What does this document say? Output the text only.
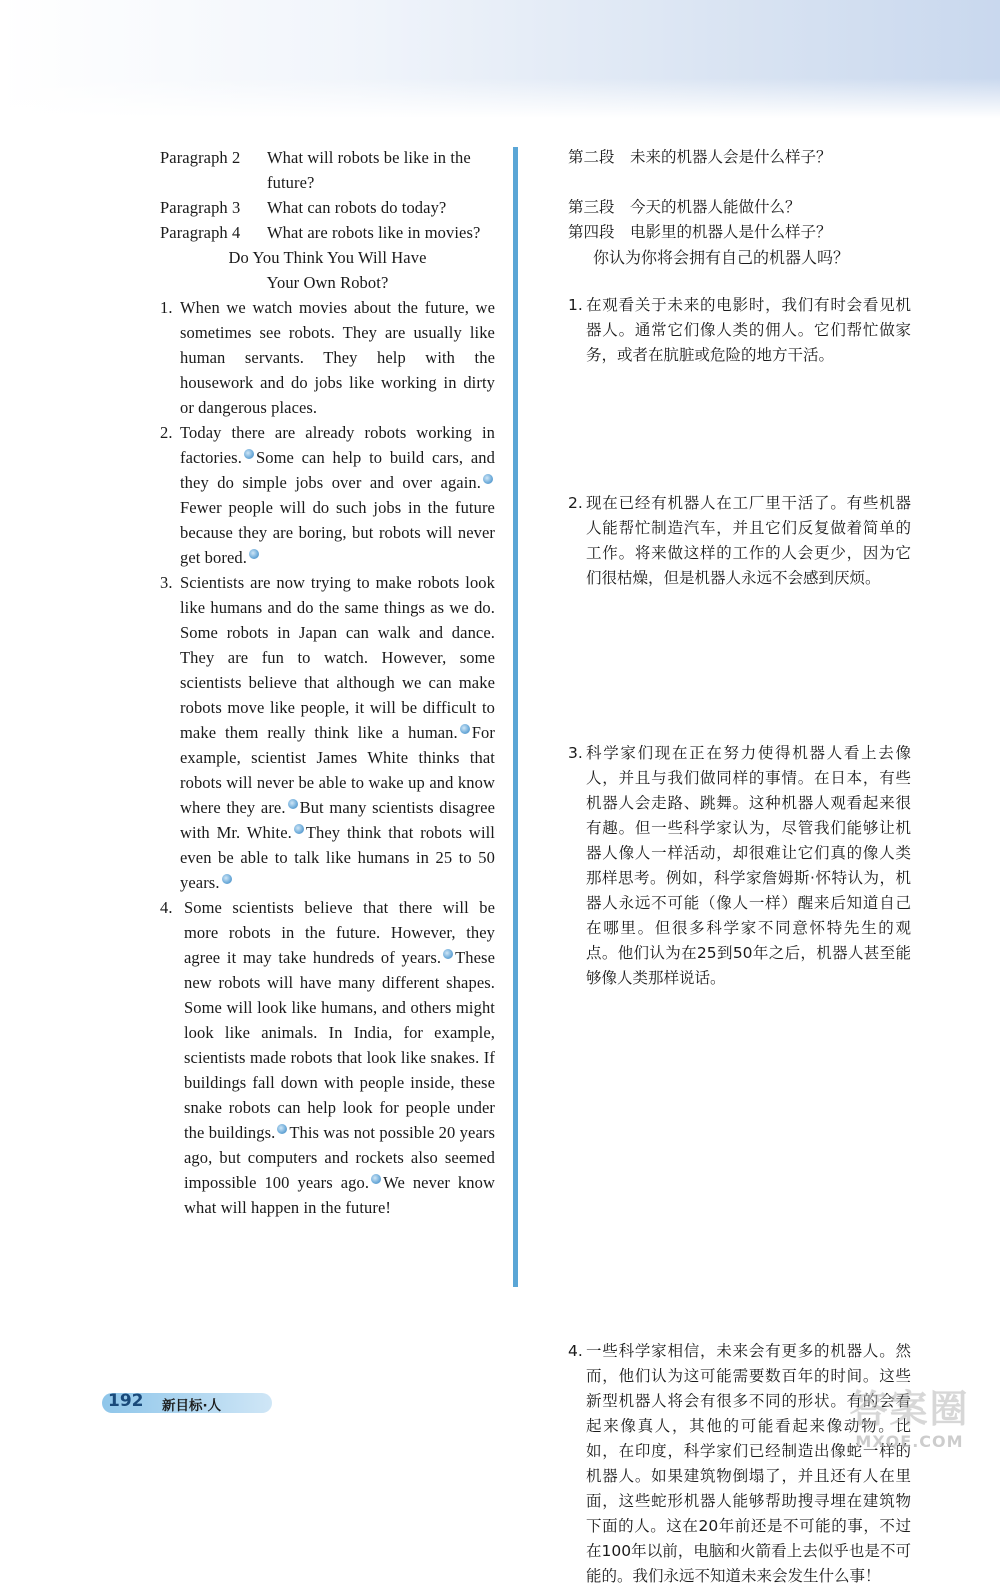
Paragraph 2	What will robots be like in the
future?
Paragraph 3	What can robots do today?
Paragraph 4	What are robots like in movies?
Do You Think You Will Have
Your Own Robot?
1. When we watch movies about the future, we sometimes see robots. They are usually like human servants. They help with the housework and do jobs like working in dirty or dangerous places.
2. Today there are already robots working in factories. Some can help to build cars, and they do simple jobs over and over again.Fewer people will do such jobs in the future because they are boring, but robots will never get bored.
3. Scientists are now trying to make robots look like humans and do the same things as we do. Some robots in Japan can walk and dance. They are fun to watch. However, some scientists believe that although we can make robots move like people, it will be difficult to make them really think like a human. For example, scientist James White thinks that robots will never be able to wake up and know where they are. But many scientists disagree with Mr. White. They think that robots will even be able to talk like humans in 25 to 50 years.
4. Some scientists believe that there will be more robots in the future. However, they agree it may take hundreds of years. These new robots will have many different shapes. Some will look like humans, and others might look like animals. In India, for example, scientists made robots that look like snakes. If buildings fall down with people inside, these snake robots can help look for people under the buildings. This was not possible 20 years ago, but computers and rockets also seemed impossible 100 years ago. We never know what will happen in the future!
第二段　未来的机器人会是什么样子？
第三段　今天的机器人能做什么？
第四段　电影里的机器人是什么样子？
你认为你将会拥有自己的机器人吗？
1. 在观看关于未来的电影时，我们有时会看见机器人。通常它们像人类的佣人。它们帮忙做家务，或者在肮脏或危险的地方干活。
2. 现在已经有机器人在工厂里干活了。有些机器人能帮忙制造汽车，并且它们反复做着简单的工作。将来做这样的工作的人会更少，因为它们很枯燥，但是机器人永远不会感到厌烦。
3. 科学家们现在正在努力使得机器人看上去像人，并且与我们做同样的事情。在日本，有些机器人会走路、跳舞。这种机器人观看起来很有趣。但一些科学家认为，尽管我们能够让机器人像人一样活动，却很难让它们真的像人类那样思考。例如，科学家詹姆斯·怀特认为，机器人永远不可能（像人一样）醒来后知道自己在哪里。但很多科学家不同意怀特先生的观点。他们认为在25到50年之后，机器人甚至能够像人类那样说话。
4. 一些科学家相信，未来会有更多的机器人。然而，他们认为这可能需要数百年的时间。这些新型机器人将会有很多不同的形状。有的会看起来像真人，其他的可能看起来像动物。比如，在印度，科学家们已经制造出像蛇一样的机器人。如果建筑物倒塌了，并且还有人在里面，这些蛇形机器人能够帮助搜寻埋在建筑物下面的人。这在20年前还是不可能的事，不过在100年以前，电脑和火箭看上去似乎也是不可能的。我们永远不知道未来会发生什么事！
192 新目标·人	答案圈
MXQE.COM
